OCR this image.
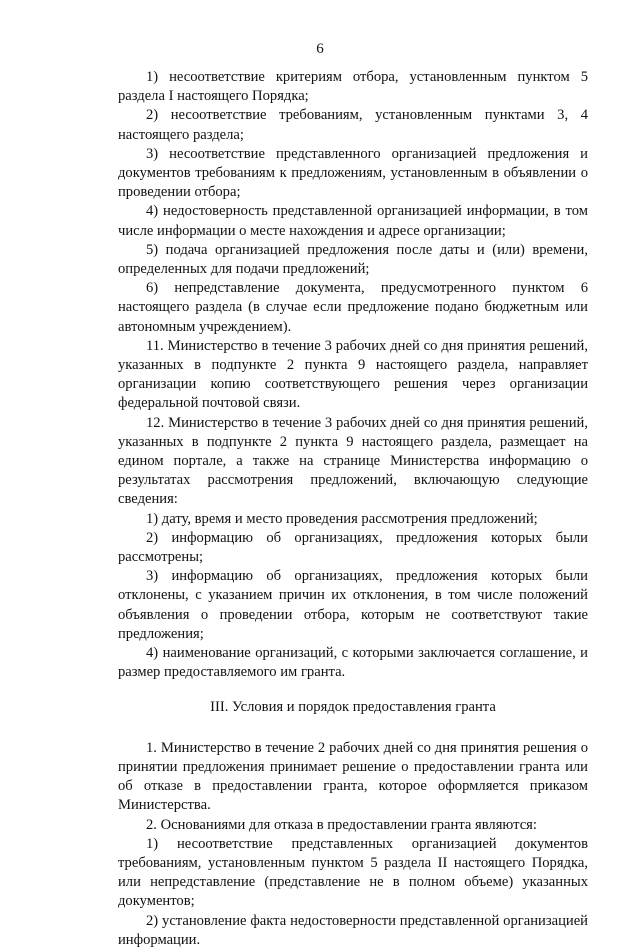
6

1) несоответствие критериям отбора, установленным пунктом 5 раздела I настоящего Порядка;

2) несоответствие требованиям, установленным пунктами 3, 4 настоящего раздела;

3) несоответствие представленного организацией предложения и документов требованиям к предложениям, установленным в объявлении о проведении отбора;

4) недостоверность представленной организацией информации, в том числе информации о месте нахождения и адресе организации;

5) подача организацией предложения после даты и (или) времени, определенных для подачи предложений;

6) непредставление документа, предусмотренного пунктом 6 настоящего раздела (в случае если предложение подано бюджетным или автономным учреждением).

11. Министерство в течение 3 рабочих дней со дня принятия решений, указанных в подпункте 2 пункта 9 настоящего раздела, направляет организации копию соответствующего решения через организации федеральной почтовой связи.

12. Министерство в течение 3 рабочих дней со дня принятия решений, указанных в подпункте 2 пункта 9 настоящего раздела, размещает на едином портале, а также на странице Министерства информацию о результатах рассмотрения предложений, включающую следующие сведения:

1) дату, время и место проведения рассмотрения предложений;

2) информацию об организациях, предложения которых были рассмотрены;

3) информацию об организациях, предложения которых были отклонены, с указанием причин их отклонения, в том числе положений объявления о проведении отбора, которым не соответствуют такие предложения;

4) наименование организаций, с которыми заключается соглашение, и размер предоставляемого им гранта.

III. Условия и порядок предоставления гранта

1. Министерство в течение 2 рабочих дней со дня принятия решения о принятии предложения принимает решение о предоставлении гранта или об отказе в предоставлении гранта, которое оформляется приказом Министерства.

2. Основаниями для отказа в предоставлении гранта являются:

1) несоответствие представленных организацией документов требованиям, установленным пунктом 5 раздела II настоящего Порядка, или непредставление (представление не в полном объеме) указанных документов;

2) установление факта недостоверности представленной организацией информации.
